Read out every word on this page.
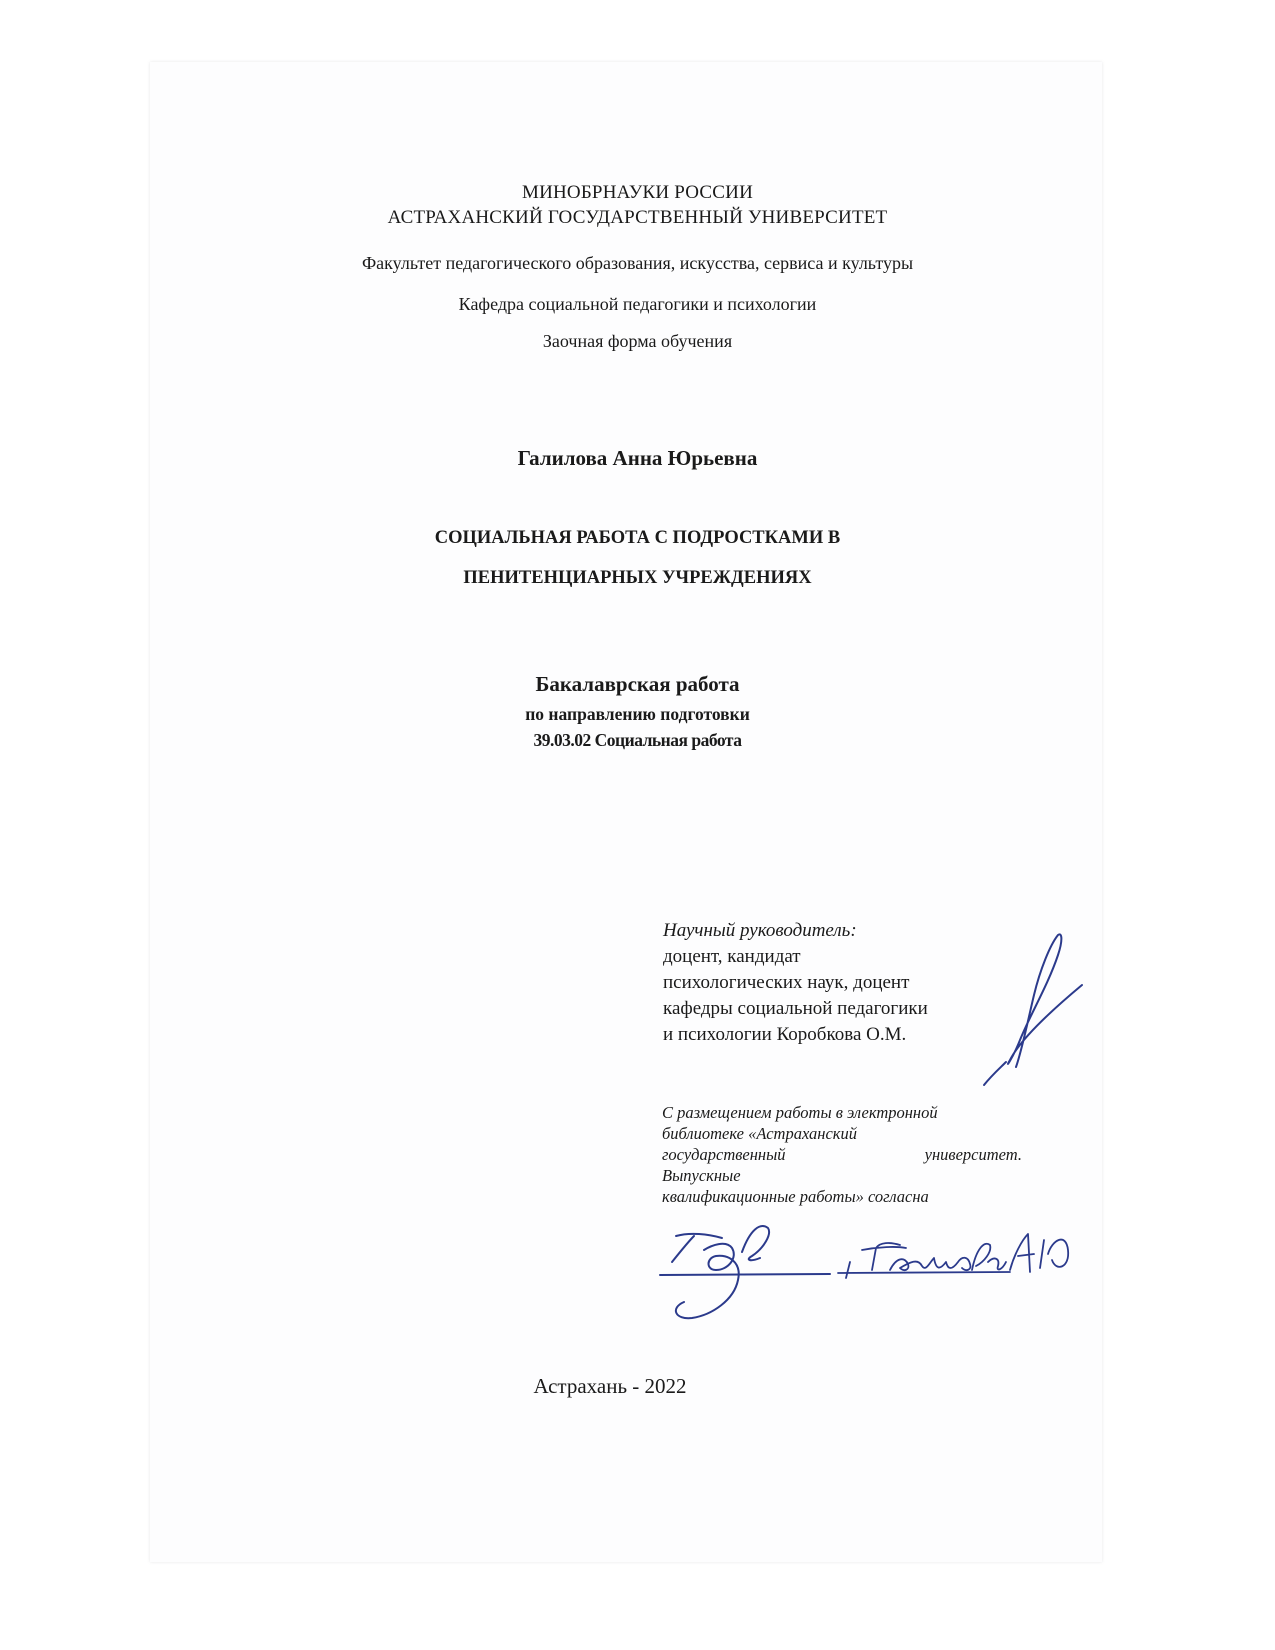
МИНОБРНАУКИ РОССИИ
АСТРАХАНСКИЙ ГОСУДАРСТВЕННЫЙ УНИВЕРСИТЕТ
Факультет педагогического образования, искусства, сервиса и культуры
Кафедра социальной педагогики и психологии
Заочная форма обучения
Галилова Анна Юрьевна
СОЦИАЛЬНАЯ РАБОТА С ПОДРОСТКАМИ В
ПЕНИТЕНЦИАРНЫХ УЧРЕЖДЕНИЯХ
Бакалаврская работа
по направлению подготовки
39.03.02 Социальная работа
Научный руководитель:
доцент, кандидат
психологических наук, доцент
кафедры социальной педагогики
и психологии Коробкова О.М.
С размещением работы в электронной
библиотеке «Астраханский
государственный	университет.
Выпускные
квалификационные работы» согласна
Астрахань - 2022
